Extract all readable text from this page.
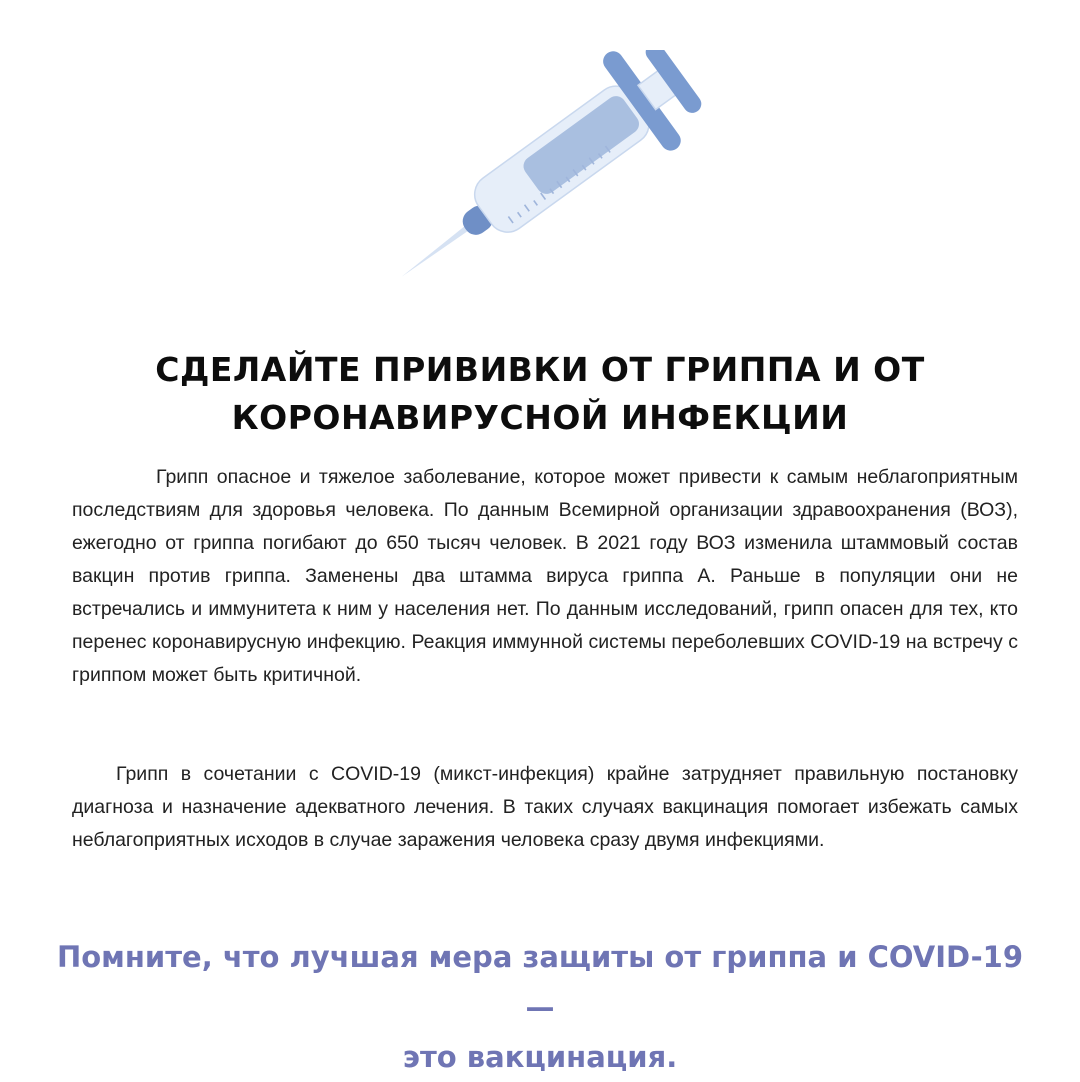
СДЕЛАЙТЕ ПРИВИВКИ ОТ ГРИППА И ОТ
КОРОНАВИРУСНОЙ ИНФЕКЦИИ

Грипп опасное и тяжелое заболевание, которое может привести к самым неблагоприятным последствиям для здоровья человека. По данным Всемирной организации здравоохранения (ВОЗ), ежегодно от гриппа погибают до 650 тысяч человек. В 2021 году ВОЗ изменила штаммовый состав вакцин против гриппа. Заменены два штамма вируса гриппа А. Раньше в популяции они не встречались и иммунитета к ним у населения нет. По данным исследований, грипп опасен для тех, кто перенес коронавирусную инфекцию. Реакция иммунной системы переболевших COVID-19 на встречу с гриппом может быть критичной.

Грипп в сочетании с COVID-19 (микст-инфекция) крайне затрудняет правильную постановку диагноза и назначение адекватного лечения. В таких случаях вакцинация помогает избежать самых неблагоприятных исходов в случае заражения человека сразу двумя инфекциями.

Помните, что лучшая мера защиты от гриппа и COVID-19 —
это вакцинация.
